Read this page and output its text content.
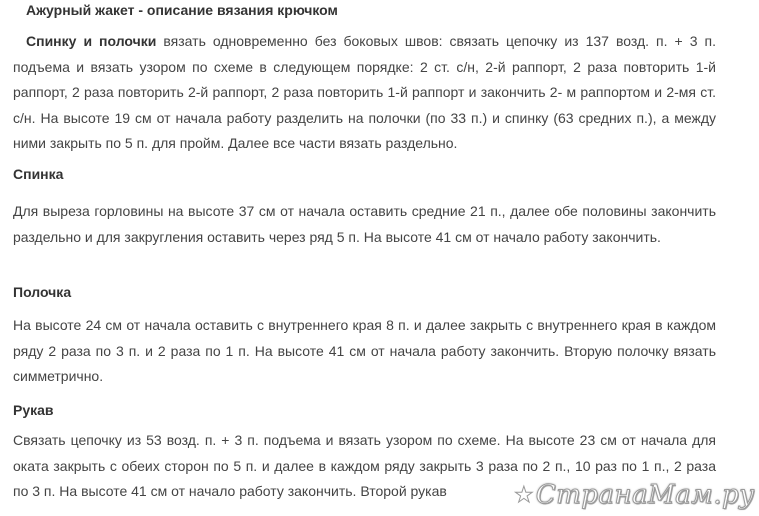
Ажурный жакет - описание вязания крючком

Спинку и полочки вязать одновременно без боковых швов: связать цепочку из 137 возд. п. + 3 п. подъема и вязать узором по схеме в следующем порядке: 2 ст. с/н, 2-й раппорт, 2 раза повторить 1-й раппорт, 2 раза повторить 2-й раппорт, 2 раза повторить 1-й раппорт и закончить 2- м раппортом и 2-мя ст. с/н. На высоте 19 см от начала работу разделить на полочки (по 33 п.) и спинку (63 средних п.), а между ними закрыть по 5 п. для пройм. Далее все части вязать раздельно.

Спинка

Для выреза горловины на высоте 37 см от начала оставить средние 21 п., далее обе половины закончить раздельно и для закругления оставить через ряд 5 п. На высоте 41 см от начало работу закончить.

Полочка

На высоте 24 см от начала оставить с внутреннего края 8 п. и далее закрыть с внутреннего края в каждом ряду 2 раза по 3 п. и 2 раза по 1 п. На высоте 41 см от начала работу закончить. Вторую полочку вязать симметрично.

Рукав

Связать цепочку из 53 возд. п. + 3 п. подъема и вязать узором по схеме. На высоте 23 см от начала для оката закрыть с обеих сторон по 5 п. и далее в каждом ряду закрыть 3 раза по 2 п., 10 раз по 1 п., 2 раза по 3 п. На высоте 41 см от начало работу закончить. Второй рукав	★ СтранаМам.ру
